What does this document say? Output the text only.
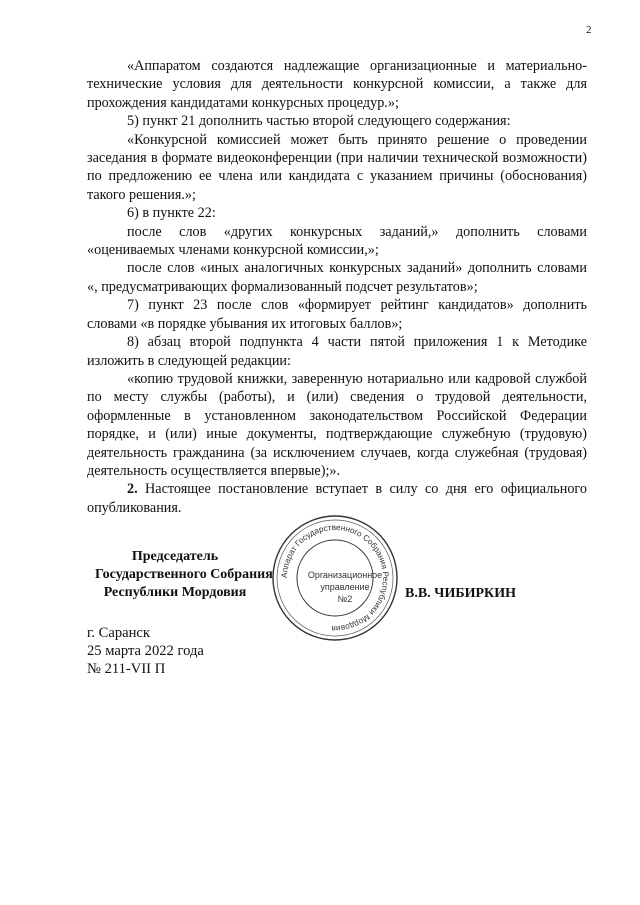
2

«Аппаратом создаются надлежащие организационные и материально-технические условия для деятельности конкурсной комиссии, а также для прохождения кандидатами конкурсных процедур.»;

5) пункт 21 дополнить частью второй следующего содержания:

«Конкурсной комиссией может быть принято решение о проведении заседания в формате видеоконференции (при наличии технической возможности) по предложению ее члена или кандидата с указанием причины (обоснования) такого решения.»;

6) в пункте 22:

после слов «других конкурсных заданий,» дополнить словами «оцениваемых членами конкурсной комиссии,»;

после слов «иных аналогичных конкурсных заданий» дополнить словами «, предусматривающих формализованный подсчет результатов»;

7) пункт 23 после слов «формирует рейтинг кандидатов» дополнить словами «в порядке убывания их итоговых баллов»;

8) абзац второй подпункта 4 части пятой приложения 1 к Методике изложить в следующей редакции:

«копию трудовой книжки, заверенную нотариально или кадровой службой по месту службы (работы), и (или) сведения о трудовой деятельности, оформленные в установленном законодательством Российской Федерации порядке, и (или) иные документы, подтверждающие служебную (трудовую) деятельность гражданина (за исключением случаев, когда служебная (трудовая) деятельность осуществляется впервые);».

2. Настоящее постановление вступает в силу со дня его официального опубликования.

Председатель
Государственного Собрания
Республики Мордовия
Аппарат Государственного Собрания Республики Мордовия
Организационное
управление
№2	В.В. ЧИБИРКИН
г. Саранск
25 марта 2022 года
№ 211-VII П
